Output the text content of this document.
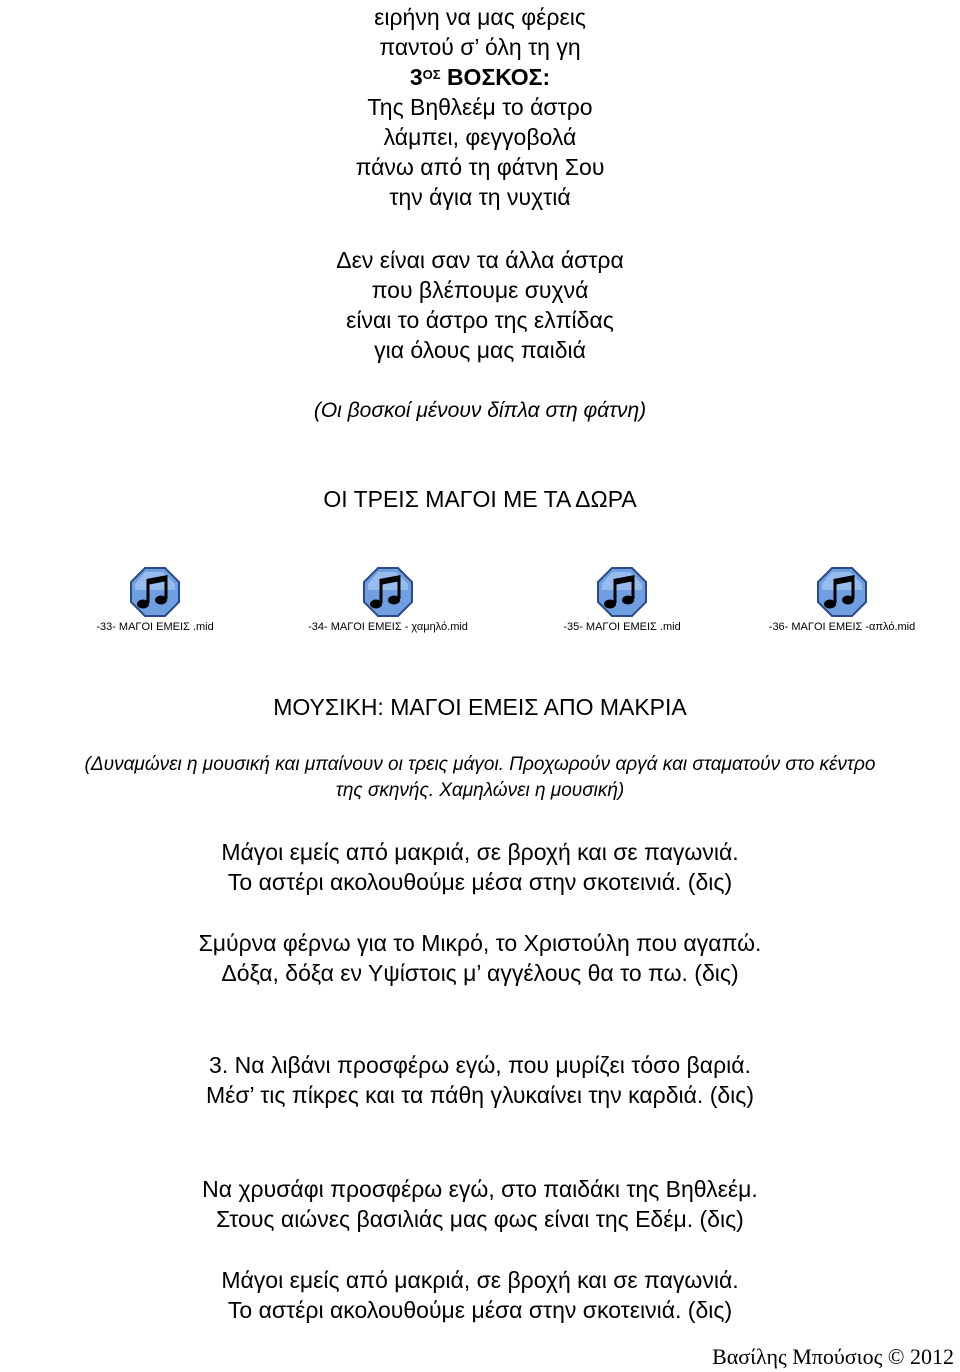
ειρήνη να μας φέρεις
παντού σ’ όλη τη γη
$3^{O\Sigma}$ ΒΟΣΚΟΣ:
Της Βηθλεέμ το άστρο
λάμπει, φεγγοβολά
πάνω από τη φάτνη Σου
την άγια τη νυχτιά
Δεν είναι σαν τα άλλα άστρα
που βλέπουμε συχνά
είναι το άστρο της ελπίδας
για όλους μας παιδιά
(Οι βοσκοί μένουν δίπλα στη φάτνη)
ΟΙ ΤΡΕΙΣ ΜΑΓΟΙ ΜΕ ΤΑ ΔΩΡΑ
-33- ΜΑΓΟΙ ΕΜΕΙΣ .mid	-34- ΜΑΓΟΙ ΕΜΕΙΣ - χαμηλό.mid	-35- ΜΑΓΟΙ ΕΜΕΙΣ .mid	-36- ΜΑΓΟΙ ΕΜΕΙΣ -απλό.mid
ΜΟΥΣΙΚΗ: ΜΑΓΟΙ ΕΜΕΙΣ ΑΠΟ ΜΑΚΡΙΑ
(Δυναμώνει η μουσική και μπαίνουν οι τρεις μάγοι. Προχωρούν αργά και σταματούν στο κέντρο
της σκηνής. Χαμηλώνει η μουσική)
Μάγοι εμείς από μακριά, σε βροχή και σε παγωνιά.
Το αστέρι ακολουθούμε μέσα στην σκοτεινιά. (δις)
Σμύρνα φέρνω για το Μικρό, το Χριστούλη που αγαπώ.
Δόξα, δόξα εν Υψίστοις μ’ αγγέλους θα το πω. (δις)
3. Να λιβάνι προσφέρω εγώ, που μυρίζει τόσο βαριά.
Μέσ’ τις πίκρες και τα πάθη γλυκαίνει την καρδιά. (δις)
Να χρυσάφι προσφέρω εγώ, στο παιδάκι της Βηθλεέμ.
Στους αιώνες βασιλιάς μας φως είναι της Εδέμ. (δις)
Μάγοι εμείς από μακριά, σε βροχή και σε παγωνιά.
Το αστέρι ακολουθούμε μέσα στην σκοτεινιά. (δις)
Βασίλης Μπούσιος © 2012
